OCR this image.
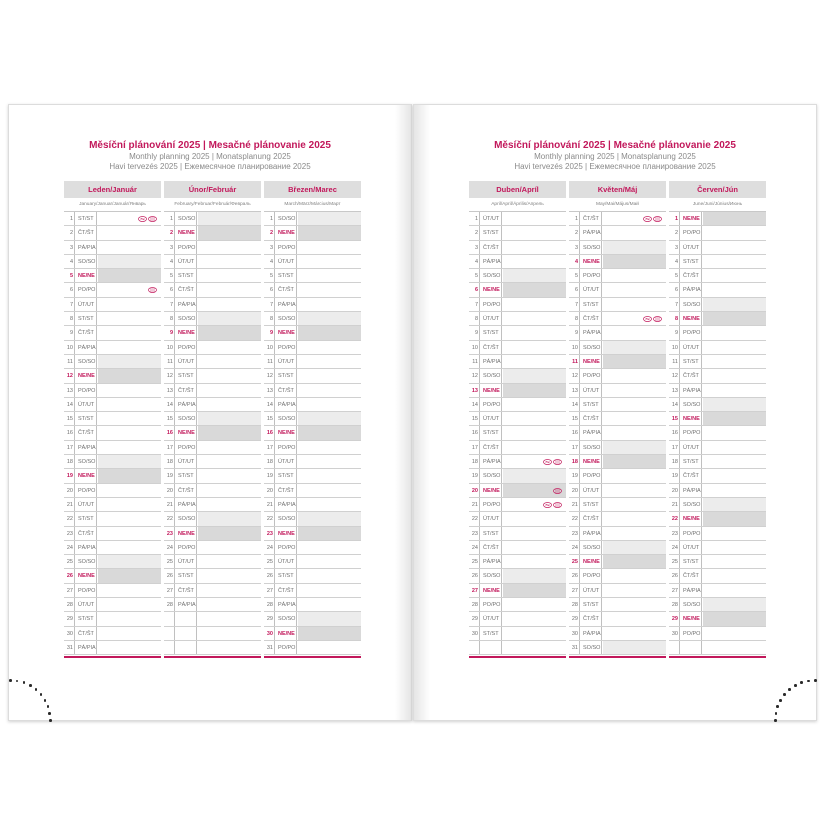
Měsíční plánování 2025 | Mesačné plánovanie 2025
Monthly planning 2025 | Monatsplanung 2025
Havi tervezés 2025 | Ежемесячное планирование 2025
Leden/Január
January/Januar/Január/Январь
1 ST/ST
2 ČT/ŠT
3 PÁ/PIA
4 SO/SO
5 NE/NE
6 PO/PO
7 ÚT/UT
8 ST/ST
9 ČT/ŠT
10 PÁ/PIA
11 SO/SO
12 NE/NE
13 PO/PO
14 ÚT/UT
15 ST/ST
16 ČT/ŠT
17 PÁ/PIA
18 SO/SO
19 NE/NE
20 PO/PO
21 ÚT/UT
22 ST/ST
23 ČT/ŠT
24 PÁ/PIA
25 SO/SO
26 NE/NE
27 PO/PO
28 ÚT/UT
29 ST/ST
30 ČT/ŠT
31 PÁ/PIA
Únor/Február
February/Februar/Február/Февраль
1 SO/SO
2 NE/NE
3 PO/PO
4 ÚT/UT
5 ST/ST
6 ČT/ŠT
7 PÁ/PIA
8 SO/SO
9 NE/NE
10 PO/PO
11 ÚT/UT
12 ST/ST
13 ČT/ŠT
14 PÁ/PIA
15 SO/SO
16 NE/NE
17 PO/PO
18 ÚT/UT
19 ST/ST
20 ČT/ŠT
21 PÁ/PIA
22 SO/SO
23 NE/NE
24 PO/PO
25 ÚT/UT
26 ST/ST
27 ČT/ŠT
28 PÁ/PIA
Březen/Marec
March/März/Március/Март
1 SO/SO
2 NE/NE
3 PO/PO
4 ÚT/UT
5 ST/ST
6 ČT/ŠT
7 PÁ/PIA
8 SO/SO
9 NE/NE
10 PO/PO
11 ÚT/UT
12 ST/ST
13 ČT/ŠT
14 PÁ/PIA
15 SO/SO
16 NE/NE
17 PO/PO
18 ÚT/UT
19 ST/ST
20 ČT/ŠT
21 PÁ/PIA
22 SO/SO
23 NE/NE
24 PO/PO
25 ÚT/UT
26 ST/ST
27 ČT/ŠT
28 PÁ/PIA
29 SO/SO
30 NE/NE
31 PO/PO
Měsíční plánování 2025 | Mesačné plánovanie 2025
Monthly planning 2025 | Monatsplanung 2025
Havi tervezés 2025 | Ежемесячное планирование 2025
Duben/Apríl
April/April/Április/Апрель
1 ÚT/UT
2 ST/ST
3 ČT/ŠT
4 PÁ/PIA
5 SO/SO
6 NE/NE
7 PO/PO
8 ÚT/UT
9 ST/ST
10 ČT/ŠT
11 PÁ/PIA
12 SO/SO
13 NE/NE
14 PO/PO
15 ÚT/UT
16 ST/ST
17 ČT/ŠT
18 PÁ/PIA
19 SO/SO
20 NE/NE
21 PO/PO
22 ÚT/UT
23 ST/ST
24 ČT/ŠT
25 PÁ/PIA
26 SO/SO
27 NE/NE
28 PO/PO
29 ÚT/UT
30 ST/ST
Květen/Máj
May/Mai/Május/Май
1 ČT/ŠT
2 PÁ/PIA
3 SO/SO
4 NE/NE
5 PO/PO
6 ÚT/UT
7 ST/ST
8 ČT/ŠT
9 PÁ/PIA
10 SO/SO
11 NE/NE
12 PO/PO
13 ÚT/UT
14 ST/ST
15 ČT/ŠT
16 PÁ/PIA
17 SO/SO
18 NE/NE
19 PO/PO
20 ÚT/UT
21 ST/ST
22 ČT/ŠT
23 PÁ/PIA
24 SO/SO
25 NE/NE
26 PO/PO
27 ÚT/UT
28 ST/ST
29 ČT/ŠT
30 PÁ/PIA
31 SO/SO
Červen/Jún
June/Juni/Június/Июнь
1 NE/NE
2 PO/PO
3 ÚT/UT
4 ST/ST
5 ČT/ŠT
6 PÁ/PIA
7 SO/SO
8 NE/NE
9 PO/PO
10 ÚT/UT
11 ST/ST
12 ČT/ŠT
13 PÁ/PIA
14 SO/SO
15 NE/NE
16 PO/PO
17 ÚT/UT
18 ST/ST
19 ČT/ŠT
20 PÁ/PIA
21 SO/SO
22 NE/NE
23 PO/PO
24 ÚT/UT
25 ST/ST
26 ČT/ŠT
27 PÁ/PIA
28 SO/SO
29 NE/NE
30 PO/PO
